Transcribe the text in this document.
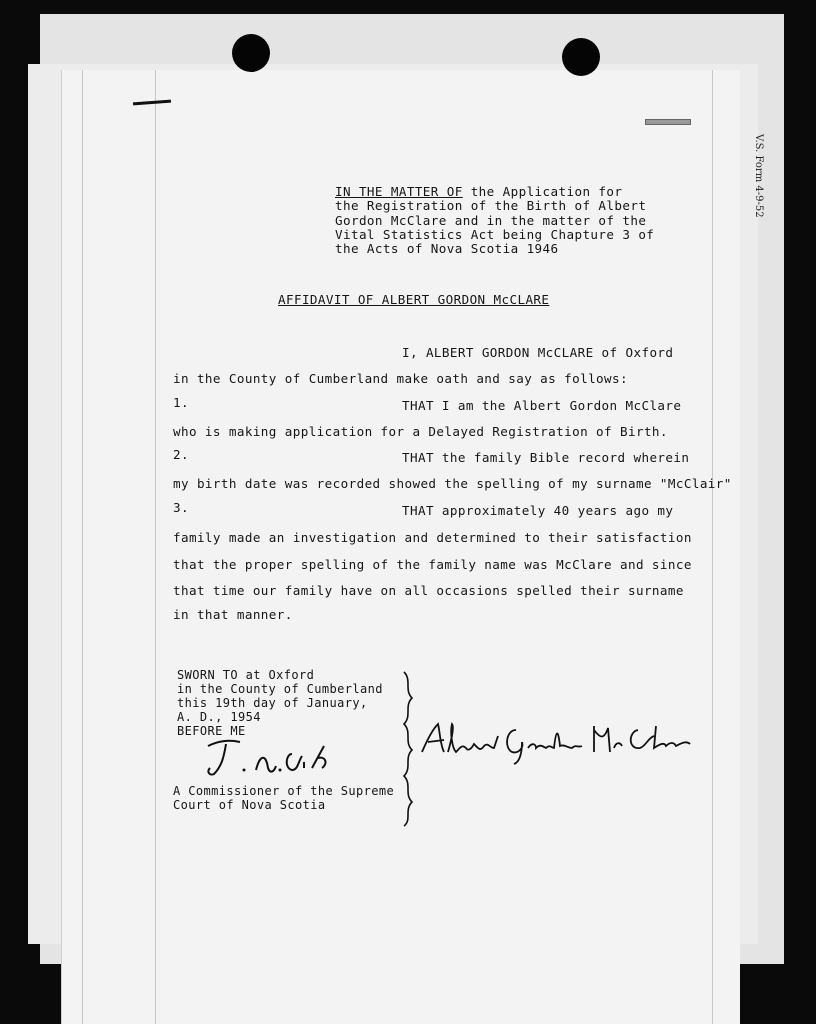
V.S. Form 4-9-52
IN THE MATTER OF the Application for
the Registration of the Birth of Albert
Gordon McClare and in the matter of the
Vital Statistics Act being Chapture 3 of
the Acts of Nova Scotia 1946
AFFIDAVIT OF ALBERT GORDON McCLARE
I, ALBERT GORDON McCLARE of Oxford
in the County of Cumberland make oath and say as follows:
1.	THAT I am the Albert Gordon McClare
who is making application for a Delayed Registration of Birth.
2.	THAT the family Bible record wherein
my birth date was recorded showed the spelling of my surname "McClair"
3.	THAT approximately 40 years ago my
family made an investigation and determined to their satisfaction
that the proper spelling of the family name was McClare and since
that time our family have on all occasions spelled their surname
in that manner.
SWORN TO at Oxford
in the County of Cumberland
this 19th day of January,
A. D., 1954
BEFORE ME
A Commissioner of the Supreme
Court of Nova Scotia
